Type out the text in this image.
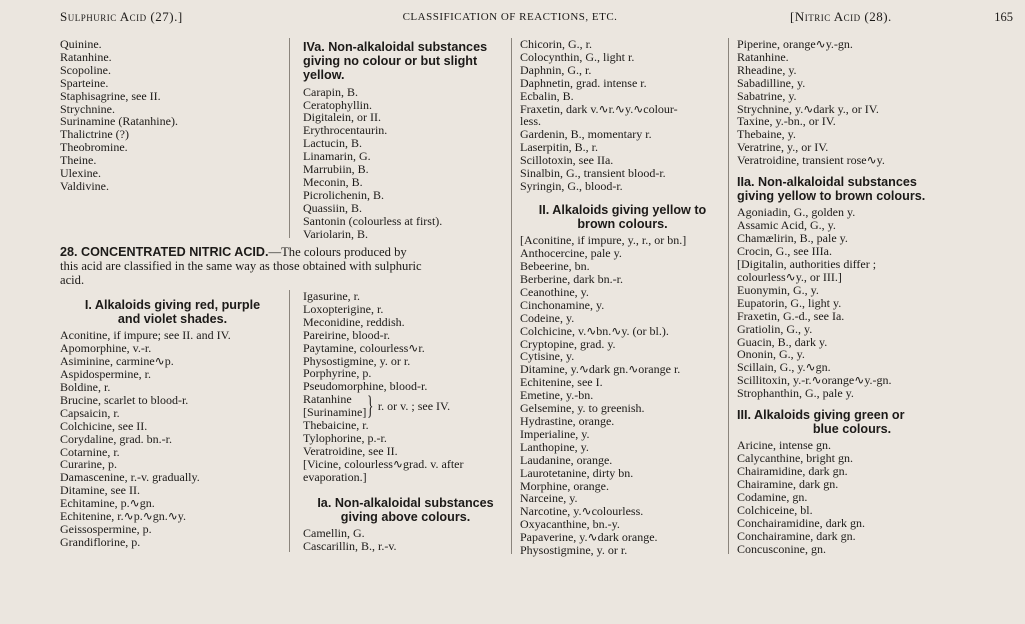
Sulphuric Acid (27).]	CLASSIFICATION OF REACTIONS, ETC.	[Nitric Acid (28).	165
Quinine.
Ratanhine.
Scopoline.
Sparteine.
Staphisagrine, see II.
Strychnine.
Surinamine (Ratanhine).
Thalictrine (?)
Theobromine.
Theine.
Ulexine.
Valdivine.
IVa. Non-alkaloidal substances giving no colour or but slight yellow.
Carapin, B.
Ceratophyllin.
Digitalein, or II.
Erythrocentaurin.
Lactucin, B.
Linamarin, G.
Marrubiin, B.
Meconin, B.
Picrolichenin, B.
Quassiin, B.
Santonin (colourless at first).
Variolarin, B.
28. CONCENTRATED NITRIC ACID.—The colours produced by
this acid are classified in the same way as those obtained with sulphuric
acid.
I. Alkaloids giving red, purple
and violet shades.
Aconitine, if impure; see II. and IV.
Apomorphine, v.-r.
Asiminine, carmine∿p.
Aspidospermine, r.
Boldine, r.
Brucine, scarlet to blood-r.
Capsaicin, r.
Colchicine, see II.
Corydaline, grad. bn.-r.
Cotarnine, r.
Curarine, p.
Damascenine, r.-v. gradually.
Ditamine, see II.
Echitamine, p.∿gn.
Echitenine, r.∿p.∿gn.∿y.
Geissospermine, p.
Grandiflorine, p.
Igasurine, r.
Loxopterigine, r.
Meconidine, reddish.
Pareirine, blood-r.
Paytamine, colourless∿r.
Physostigmine, y. or r.
Porphyrine, p.
Pseudomorphine, blood-r.
Ratanhine
[Surinamine] } r. or v. ; see IV.
Thebaicine, r.
Tylophorine, p.-r.
Veratroidine, see II.
[Vicine, colourless∿grad. v. after
evaporation.]
Ia. Non-alkaloidal substances
giving above colours.
Camellin, G.
Cascarillin, B., r.-v.
Chicorin, G., r.
Colocynthin, G., light r.
Daphnin, G., r.
Daphnetin, grad. intense r.
Ecbalin, B.
Fraxetin, dark v.∿r.∿y.∿colour-
less.
Gardenin, B., momentary r.
Laserpitin, B., r.
Scillotoxin, see IIa.
Sinalbin, G., transient blood-r.
Syringin, G., blood-r.
II. Alkaloids giving yellow to
brown colours.
[Aconitine, if impure, y., r., or bn.]
Anthocercine, pale y.
Bebeerine, bn.
Berberine, dark bn.-r.
Ceanothine, y.
Cinchonamine, y.
Codeine, y.
Colchicine, v.∿bn.∿y. (or bl.).
Cryptopine, grad. y.
Cytisine, y.
Ditamine, y.∿dark gn.∿orange r.
Echitenine, see I.
Emetine, y.-bn.
Gelsemine, y. to greenish.
Hydrastine, orange.
Imperialine, y.
Lanthopine, y.
Laudanine, orange.
Laurotetanine, dirty bn.
Morphine, orange.
Narceine, y.
Narcotine, y.∿colourless.
Oxyacanthine, bn.-y.
Papaverine, y.∿dark orange.
Physostigmine, y. or r.
Piperine, orange∿y.-gn.
Ratanhine.
Rheadine, y.
Sabadilline, y.
Sabatrine, y.
Strychnine, y.∿dark y., or IV.
Taxine, y.-bn., or IV.
Thebaine, y.
Veratrine, y., or IV.
Veratroidine, transient rose∿y.
IIa. Non-alkaloidal substances
giving yellow to brown colours.
Agoniadin, G., golden y.
Assamic Acid, G., y.
Chamælirin, B., pale y.
Crocin, G., see IIIa.
[Digitalin, authorities differ ;
colourless∿y., or III.]
Euonymin, G., y.
Eupatorin, G., light y.
Fraxetin, G.-d., see Ia.
Gratiolin, G., y.
Guacin, B., dark y.
Ononin, G., y.
Scillain, G., y.∿gn.
Scillitoxin, y.-r.∿orange∿y.-gn.
Strophanthin, G., pale y.
III. Alkaloids giving green or
blue colours.
Aricine, intense gn.
Calycanthine, bright gn.
Chairamidine, dark gn.
Chairamine, dark gn.
Codamine, gn.
Colchiceine, bl.
Conchairamidine, dark gn.
Conchairamine, dark gn.
Concusconine, gn.
